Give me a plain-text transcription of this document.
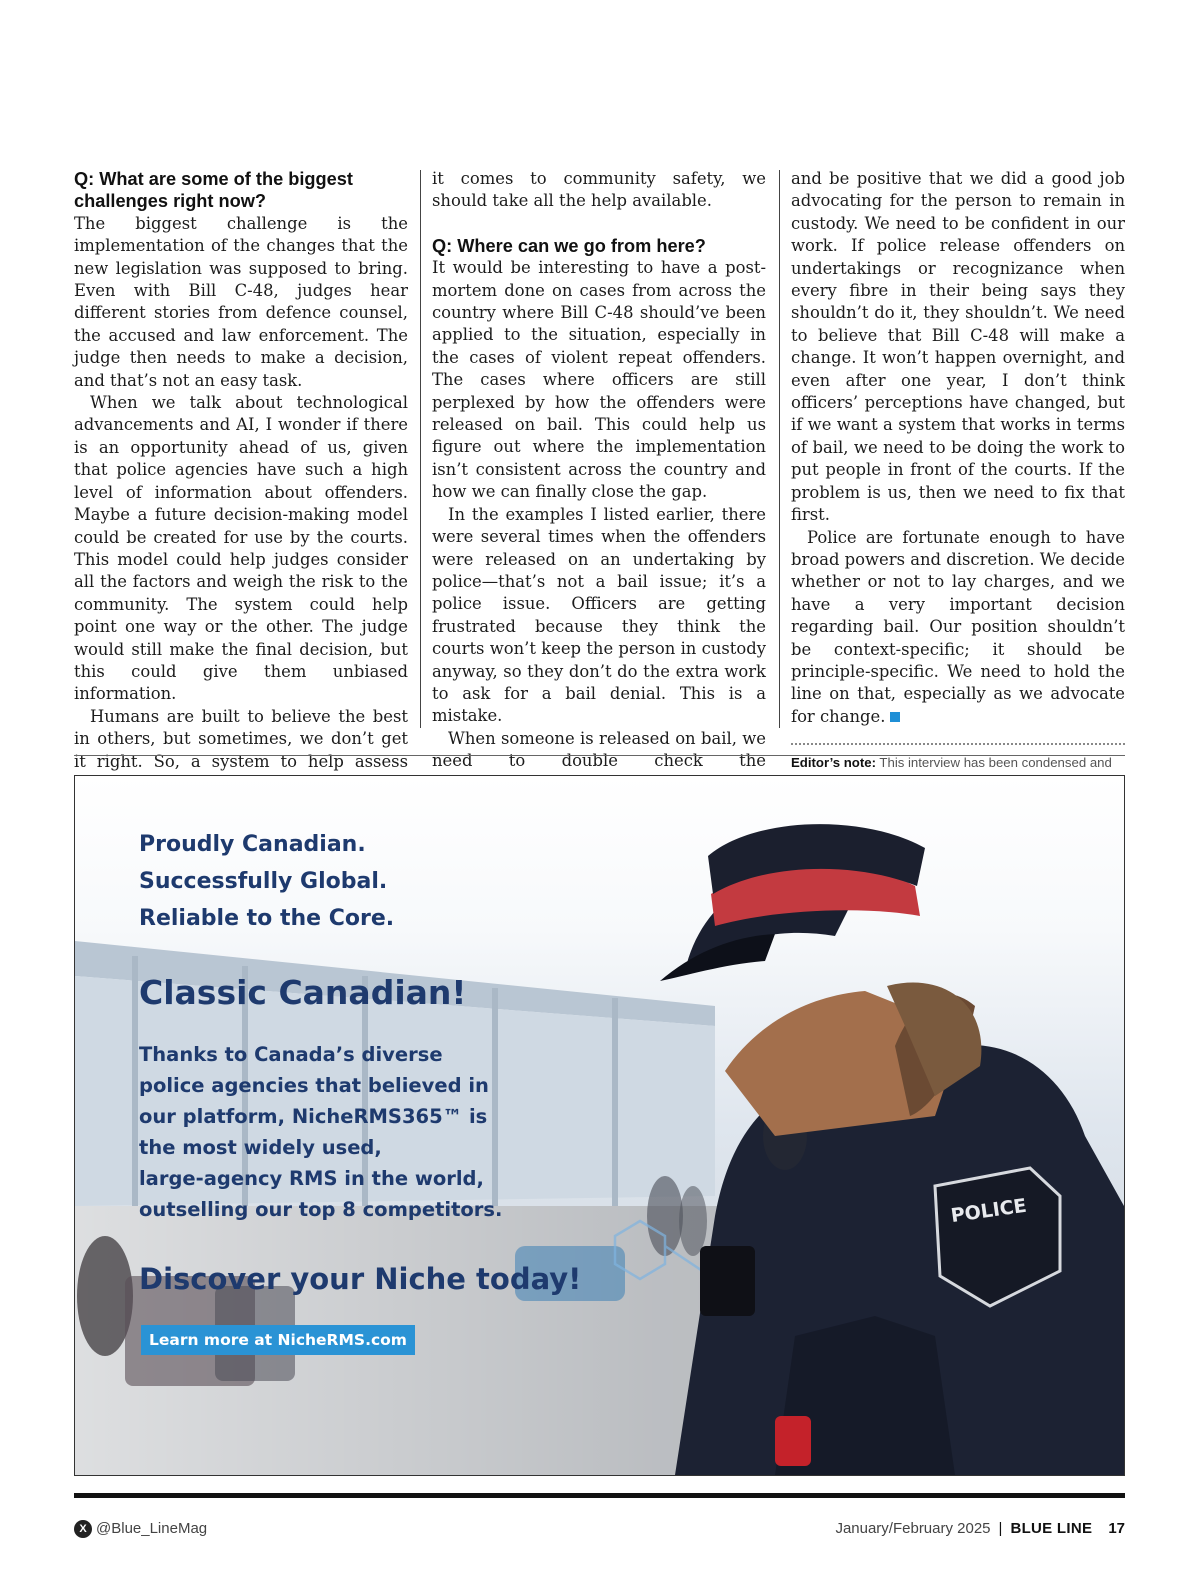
Q: What are some of the biggest challenges right now?

The biggest challenge is the implementation of the changes that the new legislation was supposed to bring. Even with Bill C-48, judges hear different stories from defence counsel, the accused and law enforcement. The judge then needs to make a decision, and that’s not an easy task.

When we talk about technological advancements and AI, I wonder if there is an opportunity ahead of us, given that police agencies have such a high level of information about offenders. Maybe a future decision-making model could be created for use by the courts. This model could help judges consider all the factors and weigh the risk to the community. The system could help point one way or the other. The judge would still make the final decision, but this could give them unbiased information.

Humans are built to believe the best in others, but sometimes, we don’t get it right. So, a system to help assess

it comes to community safety, we should take all the help available.

Q: Where can we go from here?

It would be interesting to have a post-mortem done on cases from across the country where Bill C-48 should’ve been applied to the situation, especially in the cases of violent repeat offenders. The cases where officers are still perplexed by how the offenders were released on bail. This could help us figure out where the implementation isn’t consistent across the country and how we can finally close the gap.

In the examples I listed earlier, there were several times when the offenders were released on an undertaking by police—that’s not a bail issue; it’s a police issue. Officers are getting frustrated because they think the courts won’t keep the person in custody anyway, so they don’t do the extra work to ask for a bail denial. This is a mistake.

When someone is released on bail, we need to double check the

and be positive that we did a good job advocating for the person to remain in custody. We need to be confident in our work. If police release offenders on undertakings or recognizance when every fibre in their being says they shouldn’t do it, they shouldn’t. We need to believe that Bill C-48 will make a change. It won’t happen overnight, and even after one year, I don’t think officers’ perceptions have changed, but if we want a system that works in terms of bail, we need to be doing the work to put people in front of the courts. If the problem is us, then we need to fix that first.

Police are fortunate enough to have broad powers and discretion. We decide whether or not to lay charges, and we have a very important decision regarding bail. Our position shouldn’t be context-specific; it should be principle-specific. We need to hold the line on that, especially as we advocate for change.

Editor’s note: This interview has been condensed and
POLICE
Proudly Canadian.
Successfully Global.
Reliable to the Core.
Classic Canadian!
Thanks to Canada’s diverse
police agencies that believed in
our platform, NicheRMS365™ is
the most widely used,
large-agency RMS in the world,
outselling our top 8 competitors.
Discover your Niche today!
Learn more at NicheRMS.com
X @Blue_LineMag	January/February 2025 | BLUE LINE 17
